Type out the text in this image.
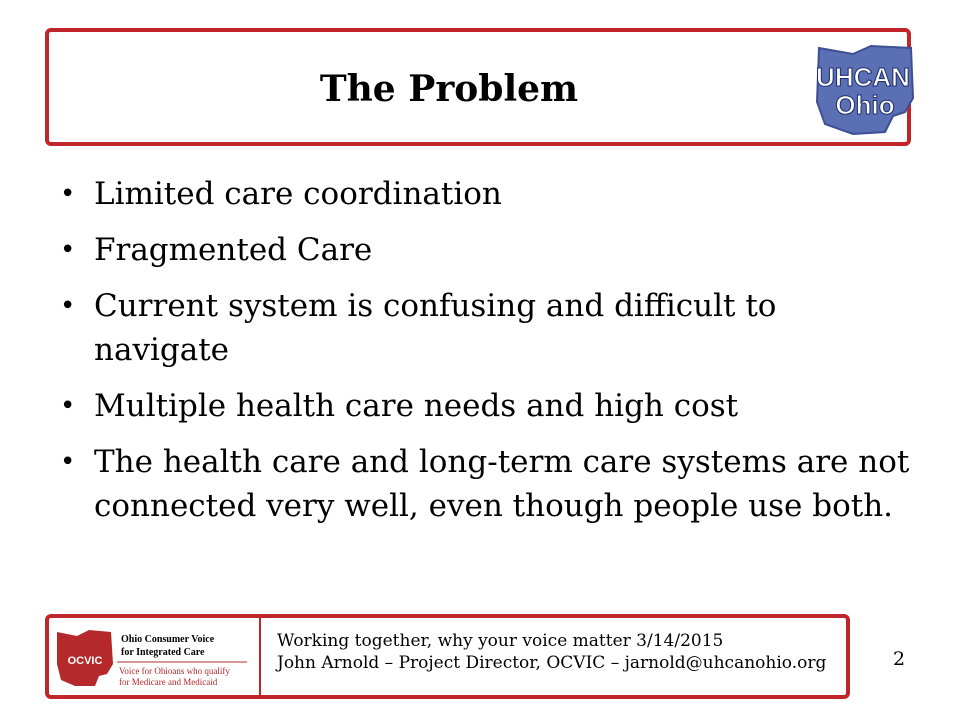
The Problem	UHCAN
Ohio
• Limited care coordination
• Fragmented Care
• Current system is confusing and difficult to navigate
• Multiple health care needs and high cost
• The health care and long-term care systems are not connected very well, even though people use both.
OCVIC
Ohio Consumer Voice
for Integrated Care
Voice for Ohioans who qualify
for Medicare and Medicaid
Working together, why your voice matter 3/14/2015
John Arnold – Project Director, OCVIC – jarnold@uhcanohio.org	2
